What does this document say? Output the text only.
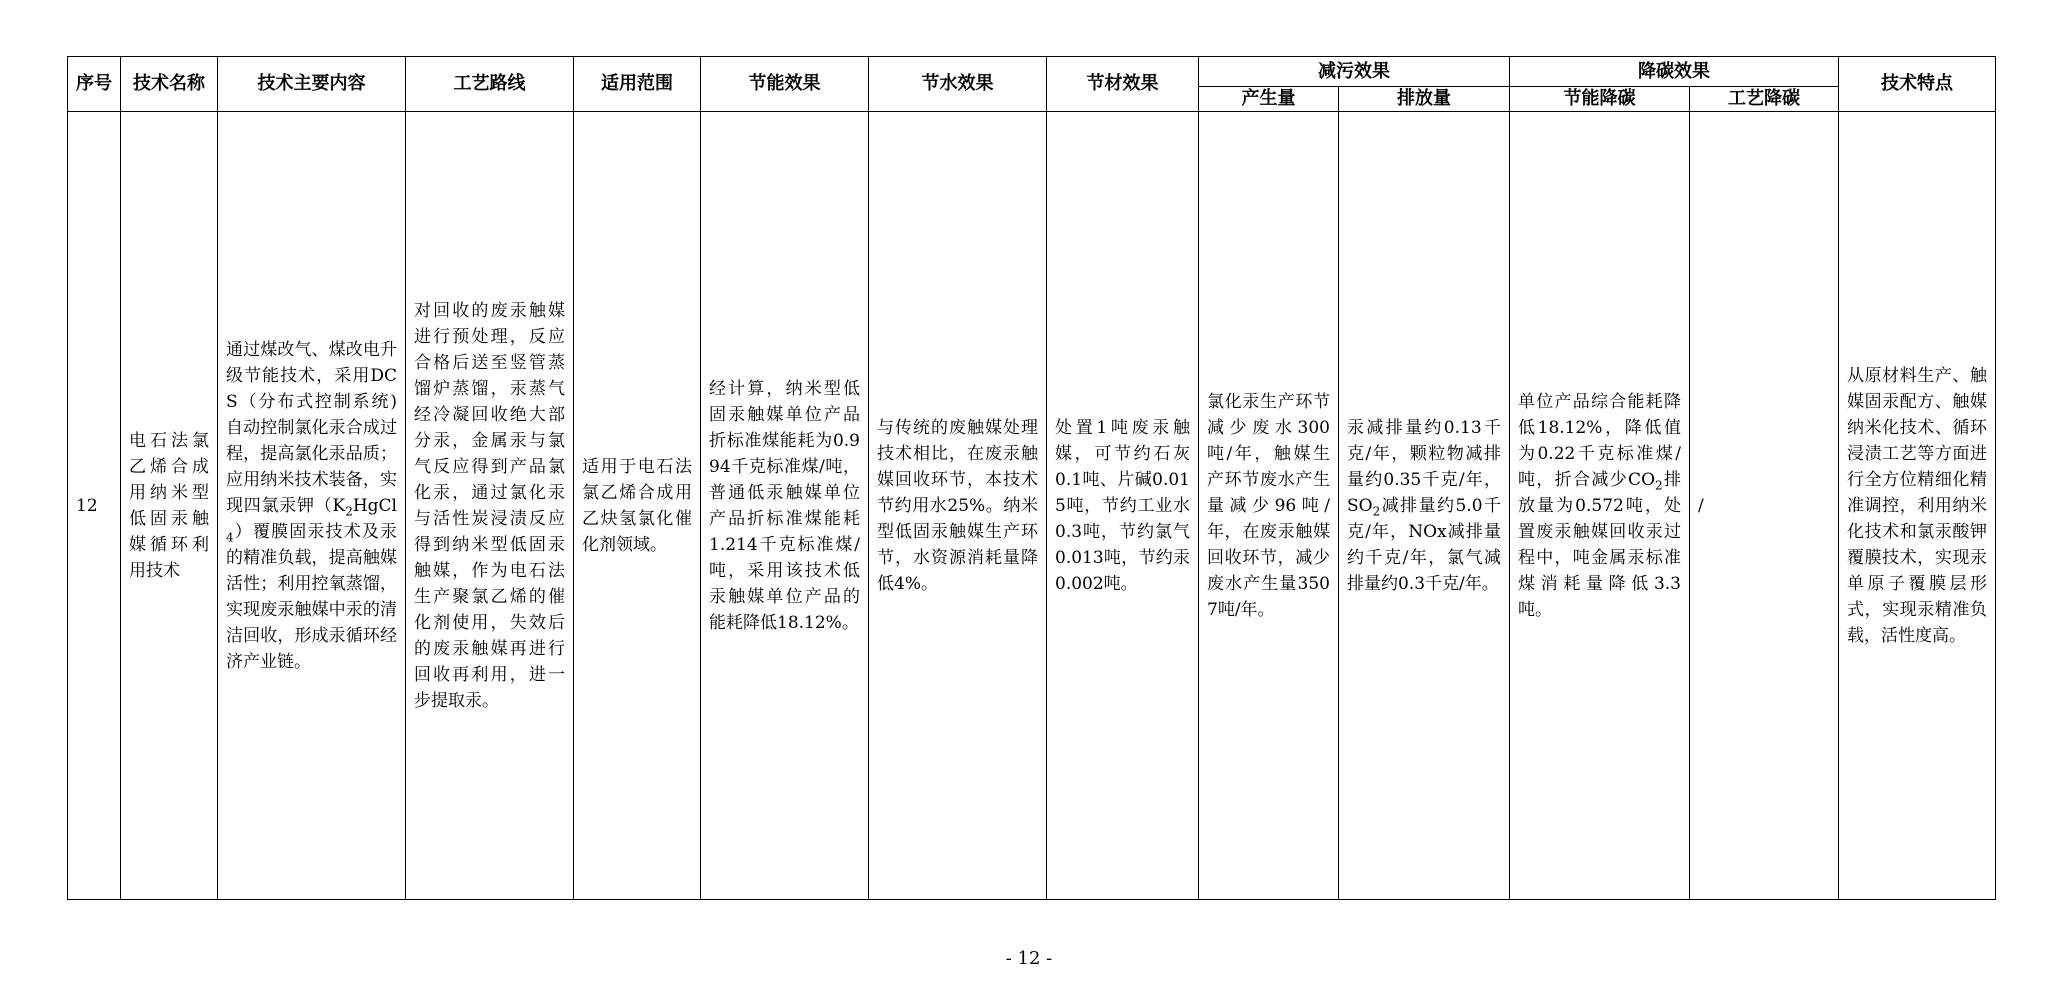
序号	技术名称	技术主要内容	工艺路线	适用范围	节能效果	节水效果	节材效果	减污效果		降碳效果		技术特点
								产生量	排放量	节能降碳	工艺降碳	
12	电石法氯乙烯合成用纳米型低固汞触媒循环利用技术	通过煤改气、煤改电升级节能技术，采用DCS（分布式控制系统)自动控制氯化汞合成过程，提高氯化汞品质；应用纳米技术装备，实现四氯汞钾$(K_2HgCl_4)$覆膜固汞技术及汞的精准负载，提高触媒活性；利用控氧蒸馏，实现废汞触媒中汞的清洁回收，形成汞循环经济产业链。	对回收的废汞触媒进行预处理，反应合格后送至竖管蒸馏炉蒸馏，汞蒸气经冷凝回收绝大部分汞，金属汞与氯气反应得到产品氯化汞，通过氯化汞与活性炭浸渍反应得到纳米型低固汞触媒，作为电石法生产聚氯乙烯的催化剂使用，失效后的废汞触媒再进行回收再利用，进一步提取汞。	适用于电石法氯乙烯合成用乙炔氢氯化催化剂领域。	经计算，纳米型低固汞触媒单位产品折标准煤能耗为0.994千克标准煤/吨，普通低汞触媒单位产品折标准煤能耗1.214千克标准煤/吨，采用该技术低汞触媒单位产品的能耗降低18.12%。	与传统的废触媒处理技术相比，在废汞触媒回收环节，本技术节约用水25%。纳米型低固汞触媒生产环节，水资源消耗量降低4%。	处置1吨废汞触媒，可节约石灰0.1吨、片碱0.015吨，节约工业水0.3吨，节约氯气0.013吨，节约汞0.002吨。	氯化汞生产环节减少废水300吨/年，触媒生产环节废水产生量减少96吨/年，在废汞触媒回收环节，减少废水产生量3507吨/年。	汞减排量约0.13千克/年，颗粒物减排量约0.35千克/年，$SO_2$减排量约5.0千克/年，NOx减排量约千克/年，氯气减排量约0.3千克/年。	单位产品综合能耗降低18.12%，降低值为0.22千克标准煤/吨，折合减少$CO_2$排放量为0.572吨，处置废汞触媒回收汞过程中，吨金属汞标准煤消耗量降低3.3吨。	/	从原材料生产、触媒固汞配方、触媒纳米化技术、循环浸渍工艺等方面进行全方位精细化精准调控，利用纳米化技术和氯汞酸钾覆膜技术，实现汞单原子覆膜层形式，实现汞精准负载，活性度高。
- 12 -
